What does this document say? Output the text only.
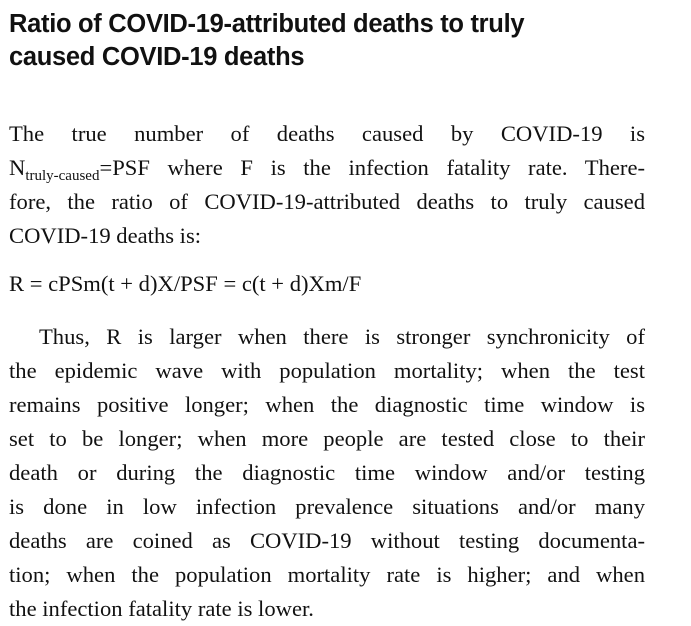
Ratio of COVID-19-attributed deaths to truly
caused COVID-19 deaths
The true number of deaths caused by COVID-19 is
$N_{truly-caused}=PSF$ where F is the infection fatality rate. There-
fore, the ratio of COVID-19-attributed deaths to truly caused
COVID-19 deaths is:
R = cPSm(t + d)X/PSF = c(t + d)Xm/F
Thus, R is larger when there is stronger synchronicity of
the epidemic wave with population mortality; when the test
remains positive longer; when the diagnostic time window is
set to be longer; when more people are tested close to their
death or during the diagnostic time window and/or testing
is done in low infection prevalence situations and/or many
deaths are coined as COVID-19 without testing documenta-
tion; when the population mortality rate is higher; and when
the infection fatality rate is lower.
